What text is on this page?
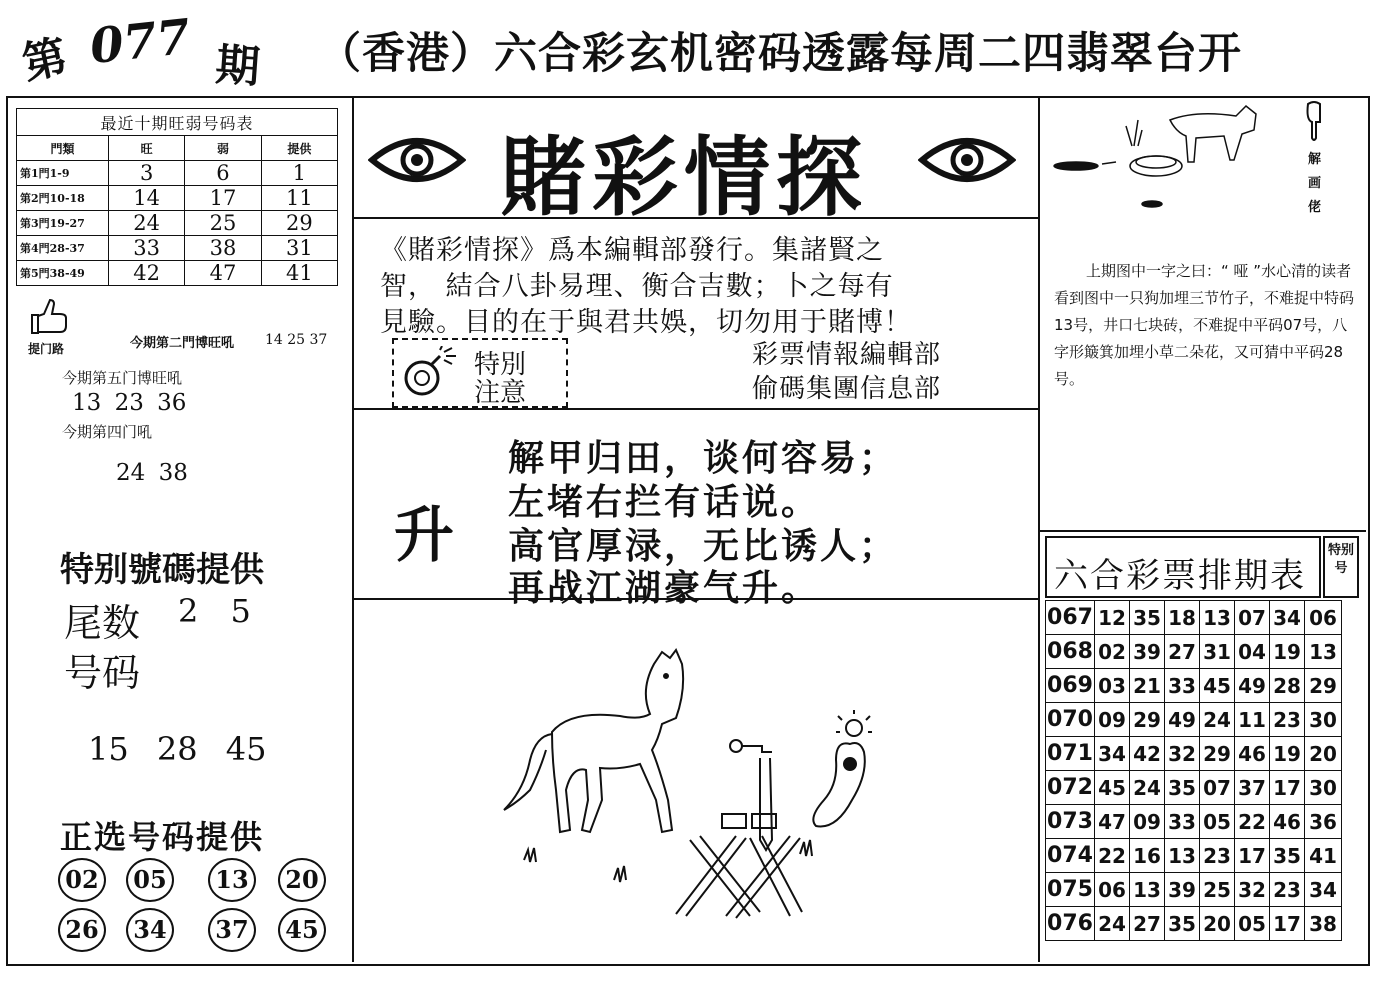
第 077 期 （香港）六合彩玄机密码透露每周二四翡翠台开
最近十期旺弱号码表			
門類	旺	弱	提供
第1門1-9	3	6	1
第2門10-18	14	17	11
第3門19-27	24	25	29
第4門28-37	33	38	31
第5門38-49	42	47	41
提门路	今期第二門博旺吼 14 25 37
今期第五门博旺吼
13 23 36
今期第四门吼
24 38
特别號碼提供
尾数 2 5
号码
15 28 45
正选号码提供
02	05	13	20
26	34	37	45
賭彩情探
《賭彩情探》爲本編輯部發行。集諸賢之
智， 結合八卦易理、衡合吉數；卜之每有
見驗。目的在于與君共娛，切勿用于賭博！
特別
注意
彩票情報編輯部
偷碼集團信息部
升
解甲归田，谈何容易；
左堵右拦有话说。
高官厚渌，无比诱人；
再战江湖豪气升。
解
画
佬
上期图中一字之曰：“ 哑 ”水心清的读者看到图中一只狗加埋三节竹子，不难捉中特码13号，井口七块砖，不难捉中平码07号，八字形簸箕加埋小草二朵花，又可猜中平码28号。
六合彩票排期表
特别号
067	12	35	18	13	07	34	06
068	02	39	27	31	04	19	13
069	03	21	33	45	49	28	29
070	09	29	49	24	11	23	30
071	34	42	32	29	46	19	20
072	45	24	35	07	37	17	30
073	47	09	33	05	22	46	36
074	22	16	13	23	17	35	41
075	06	13	39	25	32	23	34
076	24	27	35	20	05	17	38
